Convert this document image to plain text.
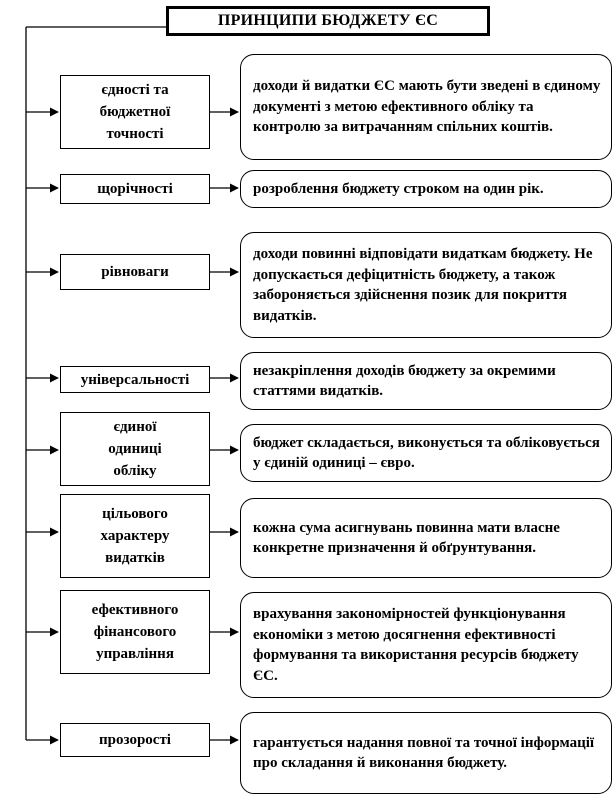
ПРИНЦИПИ БЮДЖЕТУ ЄС
єдності та
бюджетної
точності
доходи й видатки ЄС мають бути зведені в єдиному документі з метою ефективного обліку та контролю за витрачанням спільних коштів.
щорічності	розроблення бюджету строком на один рік.
рівноваги
доходи повинні відповідати видаткам бюджету. Не допускається дефіцитність бюджету, а також забороняється здійснення позик для покриття видатків.
універсальності
незакріплення доходів бюджету за окремими статтями видатків.
єдиної
одиниці
обліку
бюджет складається, виконується та обліковується у єдиній одиниці – євро.
цільового
характеру
видатків
кожна сума асигнувань повинна мати власне конкретне призначення й обґрунтування.
ефективного
фінансового
управління
врахування закономірностей функціонування економіки з метою досягнення ефективності формування та використання ресурсів бюджету ЄС.
прозорості	гарантується надання повної та точної інформації про складання й виконання бюджету.
